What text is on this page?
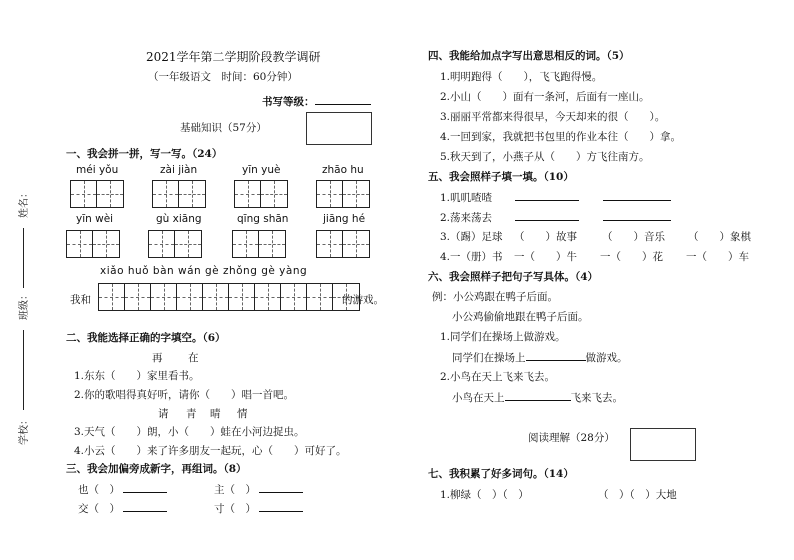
姓名：
班级：
学校：
2021学年第二学期阶段教学调研
（一年级语文　时间：60分钟）
书写等级：
基础知识（57分）
一、我会拼一拼，写一写。（24）
méi yǒu	zài jiàn	yīn yuè	zhāo hu
yīn wèi	gù xiāng	qīng shān	jiāng hé
xiǎo huǒ bàn wán gè zhǒng gè yàng
我和	的游戏。
二、我能选择正确的字填空。（6）
再 在
1.东东（　　）家里看书。
2.你的歌唱得真好听，请你（　　）唱一首吧。
请 青 晴 情
3.天气（　　）朗，小（　　）蛙在小河边捉虫。
4.小云（　　）来了许多朋友一起玩，心（　　）可好了。
三、我会加偏旁成新字，再组词。（8）
也（　）	主（　）
交（　）	寸（　）
四、我能给加点字写出意思相反的词。（5）
1.明明跑得（　　），飞飞跑得慢。
2.小山（　　）面有一条河，后面有一座山。
3.丽丽平常都来得很早，今天却来的很（　　）。
4.一回到家，我就把书包里的作业本往（　　）拿。
5.秋天到了，小燕子从（　　）方飞往南方。
五、我会照样子填一填。（10）
1.叽叽喳喳
2.荡来荡去
3.（踢）足球 （　　）故事 （　　）音乐 （　　）象棋
4.一（册）书 一（　　）牛 一（　　）花 一（　　）车
六、我会照样子把句子写具体。（4）
例：小公鸡跟在鸭子后面。
小公鸡偷偷地跟在鸭子后面。
1.同学们在操场上做游戏。
同学们在操场上	做游戏。
2.小鸟在天上飞来飞去。
小鸟在天上	飞来飞去。
阅读理解（28分）
七、我积累了好多词句。（14）
1.柳绿（　）（　）	（　）（　）大地
